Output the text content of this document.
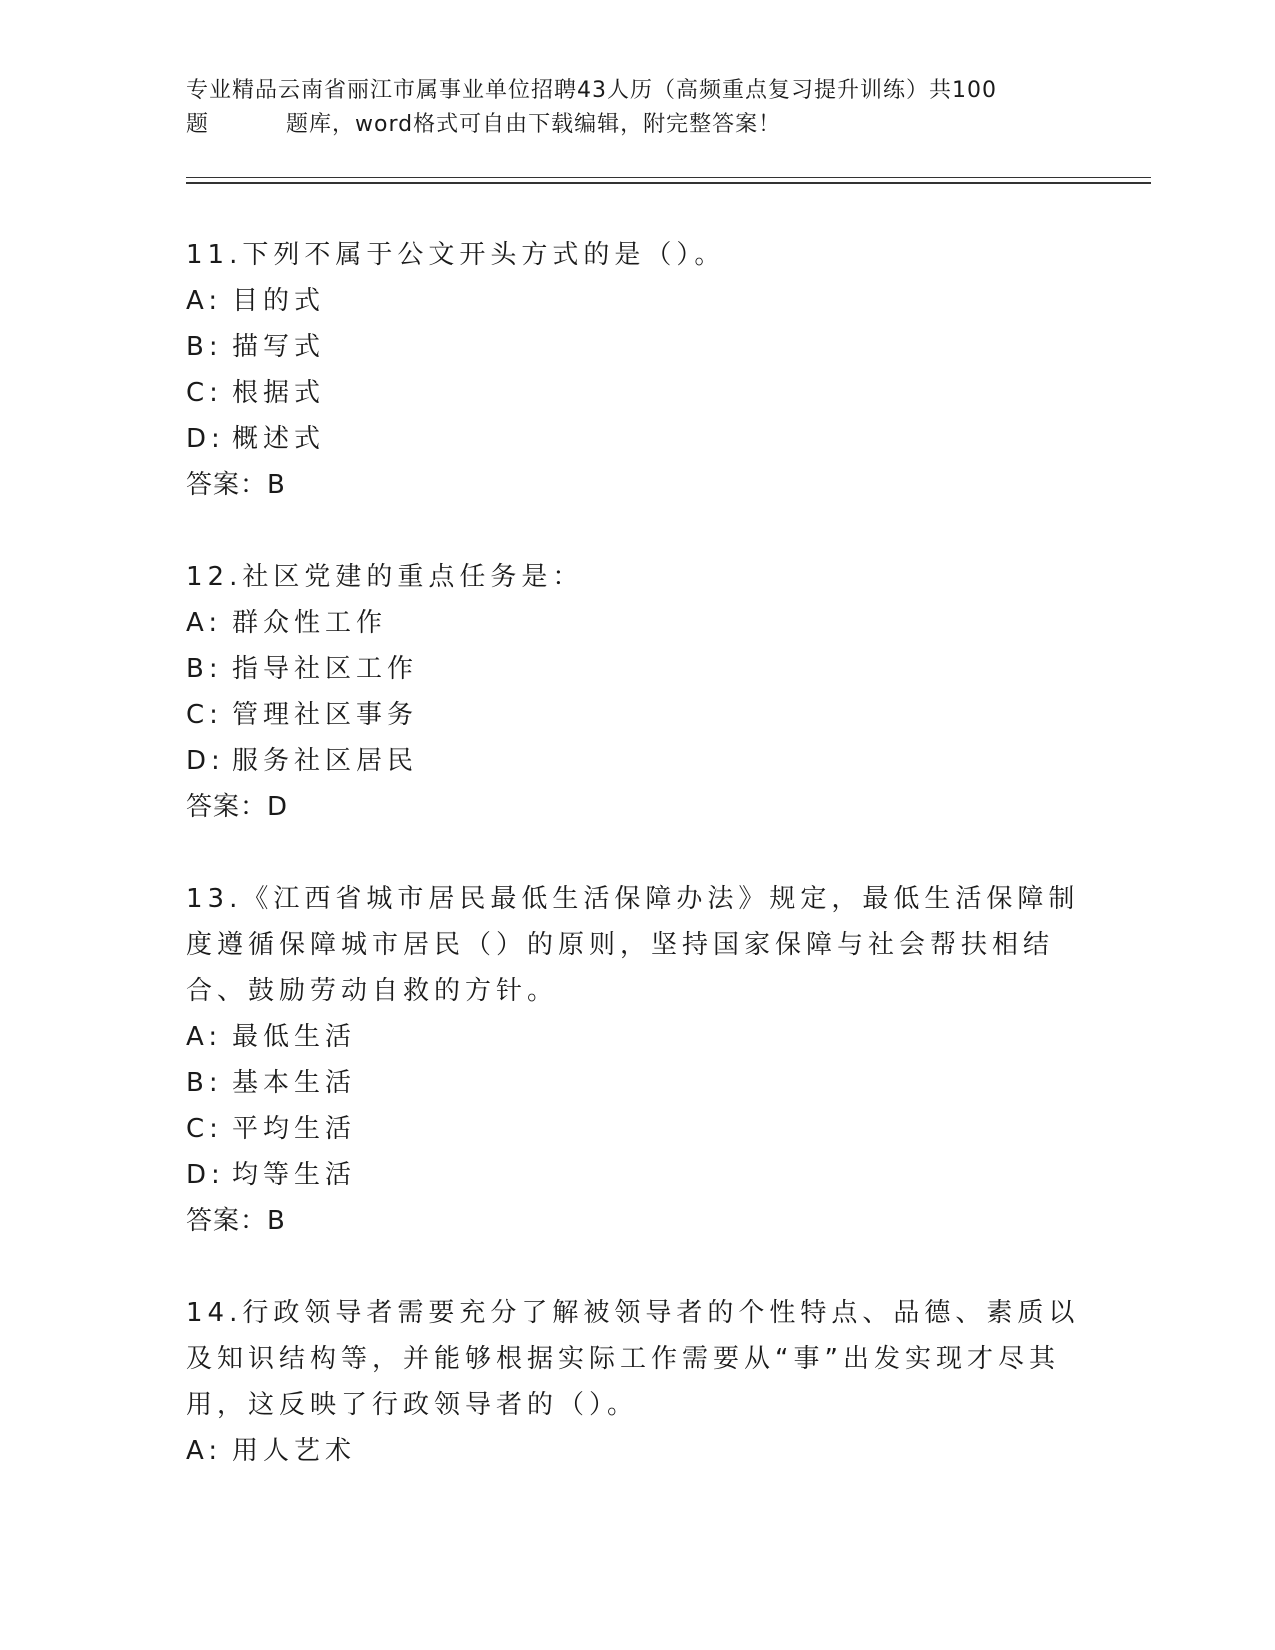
专业精品云南省丽江市属事业单位招聘43人历（高频重点复习提升训练）共100
题	题库，word格式可自由下载编辑，附完整答案！

11.下列不属于公文开头方式的是（）。

A: 目的式

B: 描写式

C: 根据式

D: 概述式

答案：B

12.社区党建的重点任务是：

A: 群众性工作

B: 指导社区工作

C: 管理社区事务

D: 服务社区居民

答案：D

13.《江西省城市居民最低生活保障办法》规定，最低生活保障制度遵循保障城市居民（）的原则，坚持国家保障与社会帮扶相结合、鼓励劳动自救的方针。

A: 最低生活

B: 基本生活

C: 平均生活

D: 均等生活

答案：B

14.行政领导者需要充分了解被领导者的个性特点、品德、素质以及知识结构等，并能够根据实际工作需要从“事”出发实现才尽其用，这反映了行政领导者的（）。

A: 用人艺术
